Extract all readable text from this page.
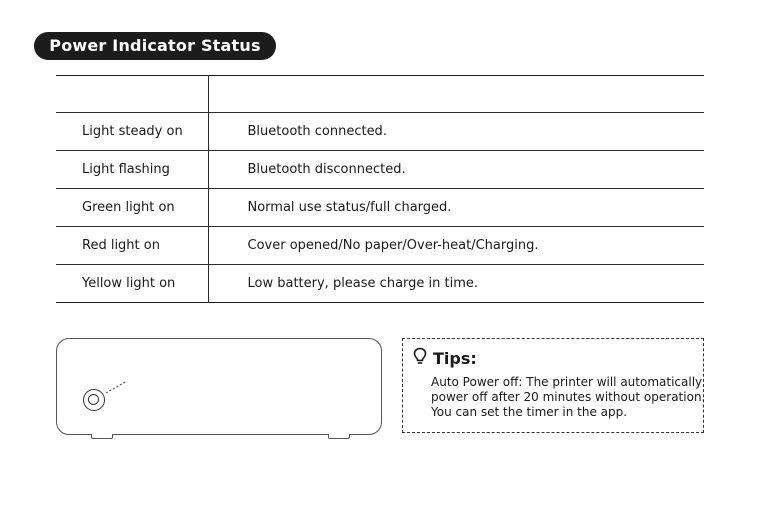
Power Indicator Status

Light steady on	Bluetooth connected.
Light flashing	Bluetooth disconnected.
Green light on	Normal use status/full charged.
Red light on	Cover opened/No paper/Over-heat/Charging.
Yellow light on	Low battery, please charge in time.
Tips:
Auto Power off: The printer will automatically
power off after 20 minutes without operation.
You can set the timer in the app.
